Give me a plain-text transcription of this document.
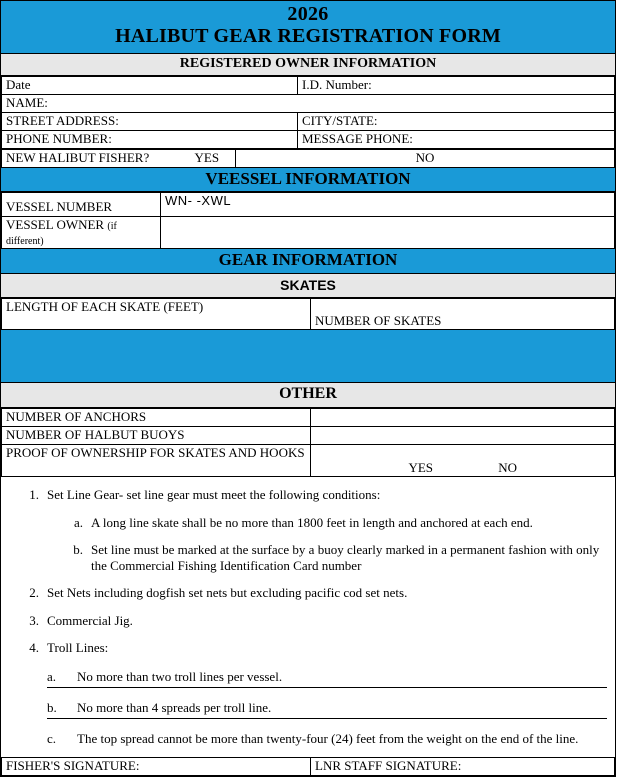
2026
HALIBUT GEAR REGISTRATION FORM
REGISTERED OWNER INFORMATION
Date	I.D. Number:
NAME:	
STREET ADDRESS:	CITY/STATE:
PHONE NUMBER:	MESSAGE PHONE:
NEW HALIBUT FISHER?	YES	NO
VEESSEL INFORMATION
VESSEL NUMBER	WN- -XWL
VESSEL OWNER (if different)	
GEAR INFORMATION
SKATES
LENGTH OF EACH SKATE (FEET)	NUMBER OF SKATES
OTHER
NUMBER OF ANCHORS	
NUMBER OF HALBUT BUOYS	
PROOF OF OWNERSHIP FOR SKATES AND HOOKS	YES NO
1. Set Line Gear- set line gear must meet the following conditions:
a. A long line skate shall be no more than 1800 feet in length and anchored at each end.
b. Set line must be marked at the surface by a buoy clearly marked in a permanent fashion with only the Commercial Fishing Identification Card number
2. Set Nets including dogfish set nets but excluding pacific cod set nets.
3. Commercial Jig.
4. Troll Lines:
a.	No more than two troll lines per vessel.
b.	No more than 4 spreads per troll line.
c.	The top spread cannot be more than twenty-four (24) feet from the weight on the end of the line.
FISHER'S SIGNATURE:	LNR STAFF SIGNATURE:
